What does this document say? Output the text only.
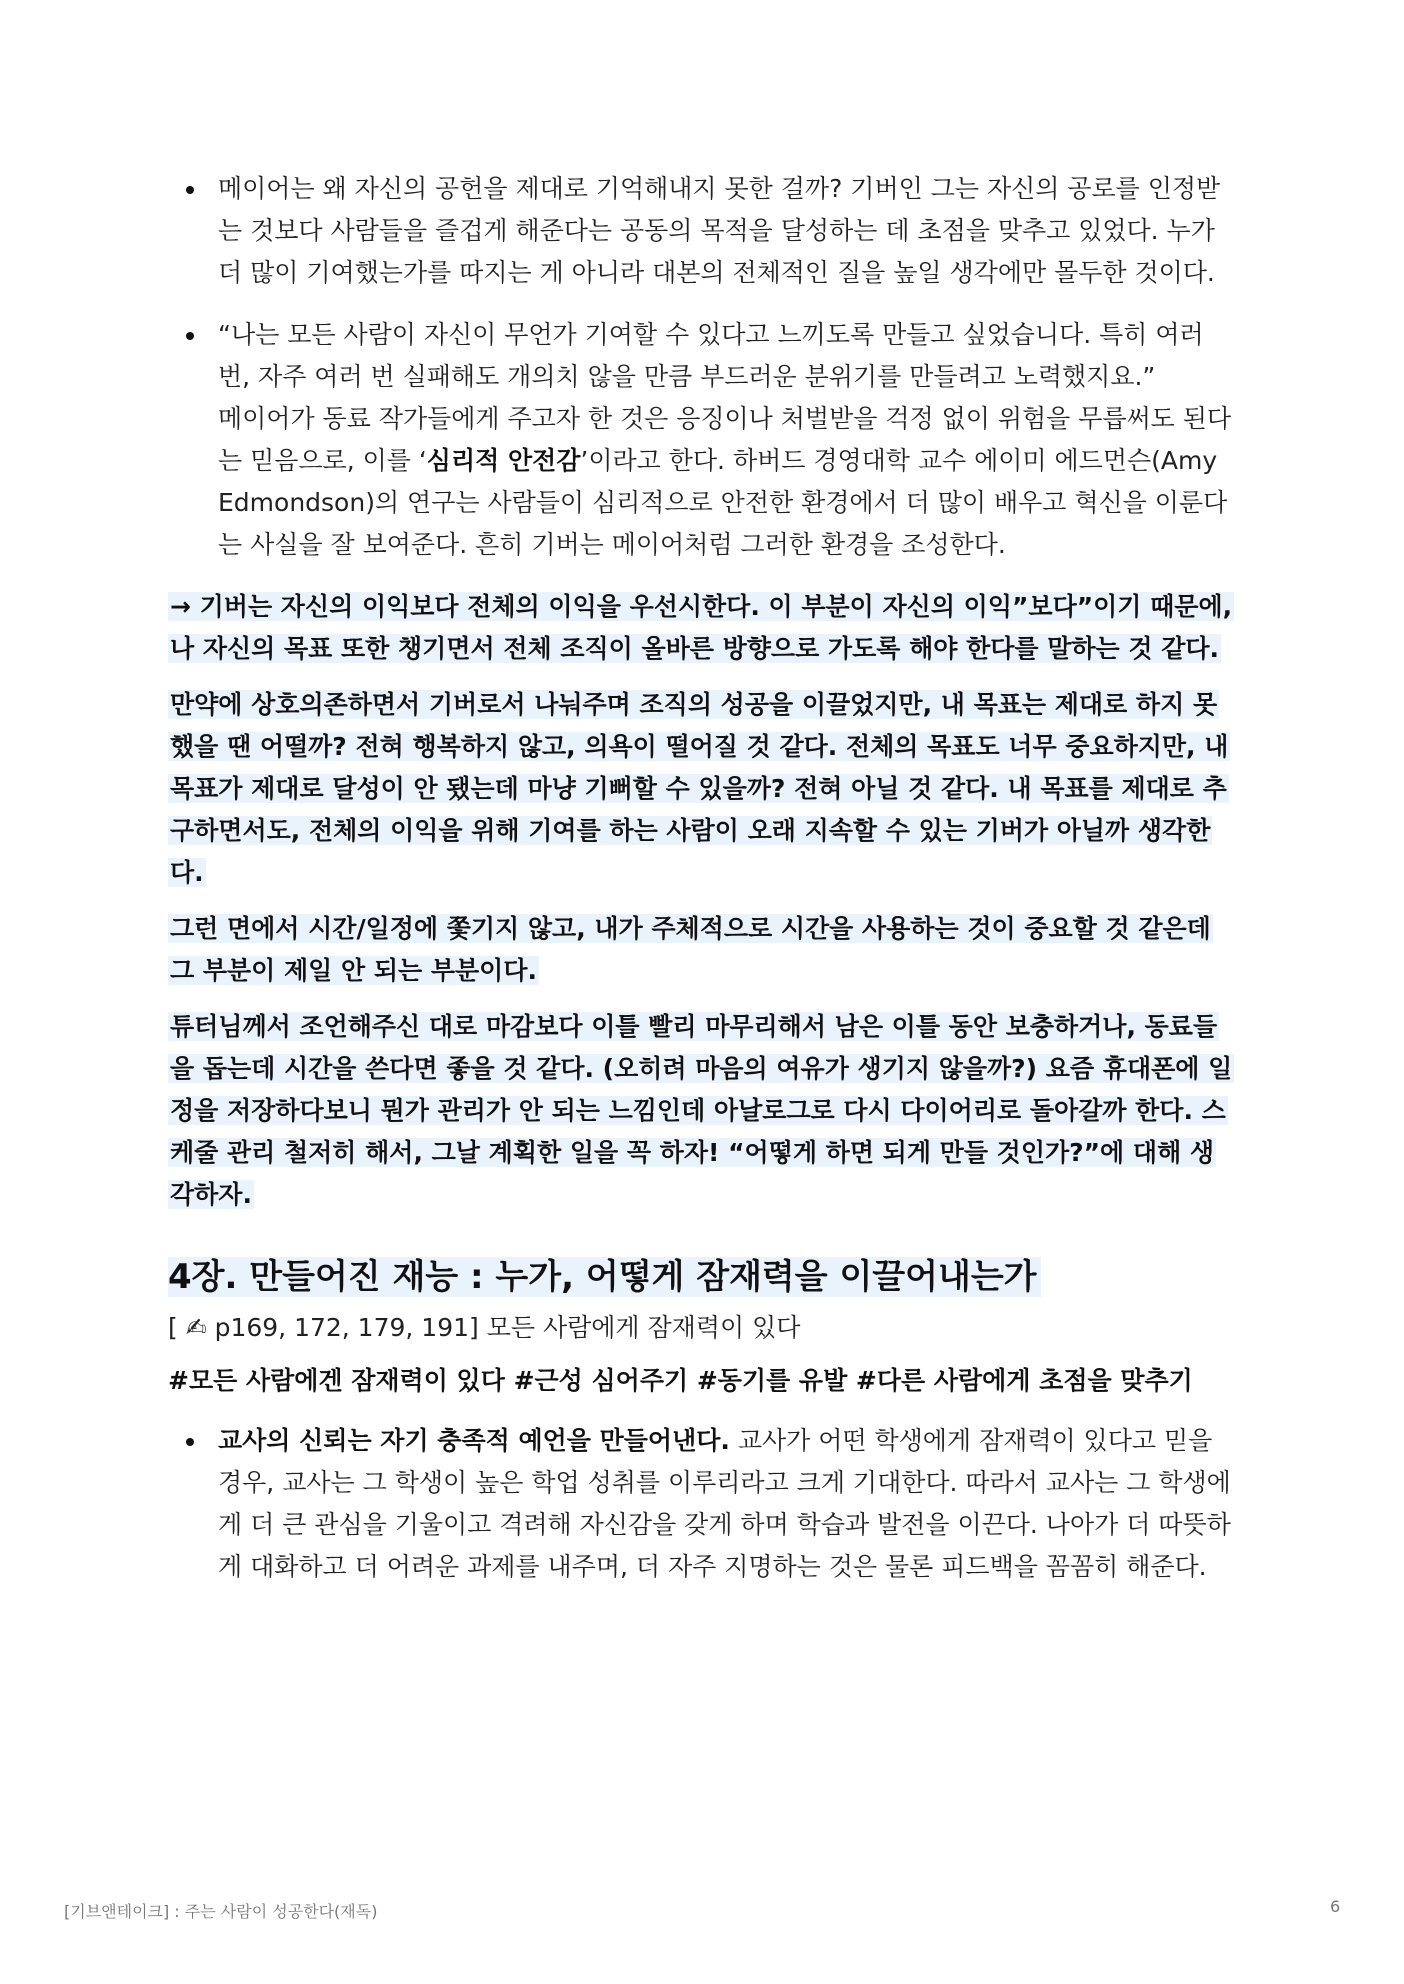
메이어는 왜 자신의 공헌을 제대로 기억해내지 못한 걸까? 기버인 그는 자신의 공로를 인정받는 것보다 사람들을 즐겁게 해준다는 공동의 목적을 달성하는 데 초점을 맞추고 있었다. 누가 더 많이 기여했는가를 따지는 게 아니라 대본의 전체적인 질을 높일 생각에만 몰두한 것이다.
“나는 모든 사람이 자신이 무언가 기여할 수 있다고 느끼도록 만들고 싶었습니다. 특히 여러 번, 자주 여러 번 실패해도 개의치 않을 만큼 부드러운 분위기를 만들려고 노력했지요.”
메이어가 동료 작가들에게 주고자 한 것은 응징이나 처벌받을 걱정 없이 위험을 무릅써도 된다는 믿음으로, 이를 ‘심리적 안전감’이라고 한다. 하버드 경영대학 교수 에이미 에드먼슨(Amy Edmondson)의 연구는 사람들이 심리적으로 안전한 환경에서 더 많이 배우고 혁신을 이룬다는 사실을 잘 보여준다. 흔히 기버는 메이어처럼 그러한 환경을 조성한다.

→ 기버는 자신의 이익보다 전체의 이익을 우선시한다. 이 부분이 자신의 이익”보다”이기 때문에, 나 자신의 목표 또한 챙기면서 전체 조직이 올바른 방향으로 가도록 해야 한다를 말하는 것 같다.

만약에 상호의존하면서 기버로서 나눠주며 조직의 성공을 이끌었지만, 내 목표는 제대로 하지 못했을 땐 어떨까? 전혀 행복하지 않고, 의욕이 떨어질 것 같다. 전체의 목표도 너무 중요하지만, 내 목표가 제대로 달성이 안 됐는데 마냥 기뻐할 수 있을까? 전혀 아닐 것 같다. 내 목표를 제대로 추구하면서도, 전체의 이익을 위해 기여를 하는 사람이 오래 지속할 수 있는 기버가 아닐까 생각한다.

그런 면에서 시간/일정에 쫓기지 않고, 내가 주체적으로 시간을 사용하는 것이 중요할 것 같은데 그 부분이 제일 안 되는 부분이다.

튜터님께서 조언해주신 대로 마감보다 이틀 빨리 마무리해서 남은 이틀 동안 보충하거나, 동료들을 돕는데 시간을 쓴다면 좋을 것 같다. (오히려 마음의 여유가 생기지 않을까?) 요즘 휴대폰에 일정을 저장하다보니 뭔가 관리가 안 되는 느낌인데 아날로그로 다시 다이어리로 돌아갈까 한다. 스케줄 관리 철저히 해서, 그날 계획한 일을 꼭 하자! “어떻게 하면 되게 만들 것인가?”에 대해 생각하자.

4장. 만들어진 재능 : 누가, 어떻게 잠재력을 이끌어내는가
[ ✍ p169, 172, 179, 191] 모든 사람에게 잠재력이 있다
#모든 사람에겐 잠재력이 있다 #근성 심어주기 #동기를 유발 #다른 사람에게 초점을 맞추기
교사의 신뢰는 자기 충족적 예언을 만들어낸다. 교사가 어떤 학생에게 잠재력이 있다고 믿을 경우, 교사는 그 학생이 높은 학업 성취를 이루리라고 크게 기대한다. 따라서 교사는 그 학생에게 더 큰 관심을 기울이고 격려해 자신감을 갖게 하며 학습과 발전을 이끈다. 나아가 더 따뜻하게 대화하고 더 어려운 과제를 내주며, 더 자주 지명하는 것은 물론 피드백을 꼼꼼히 해준다.
[기브앤테이크] : 주는 사람이 성공한다(재독)	6
